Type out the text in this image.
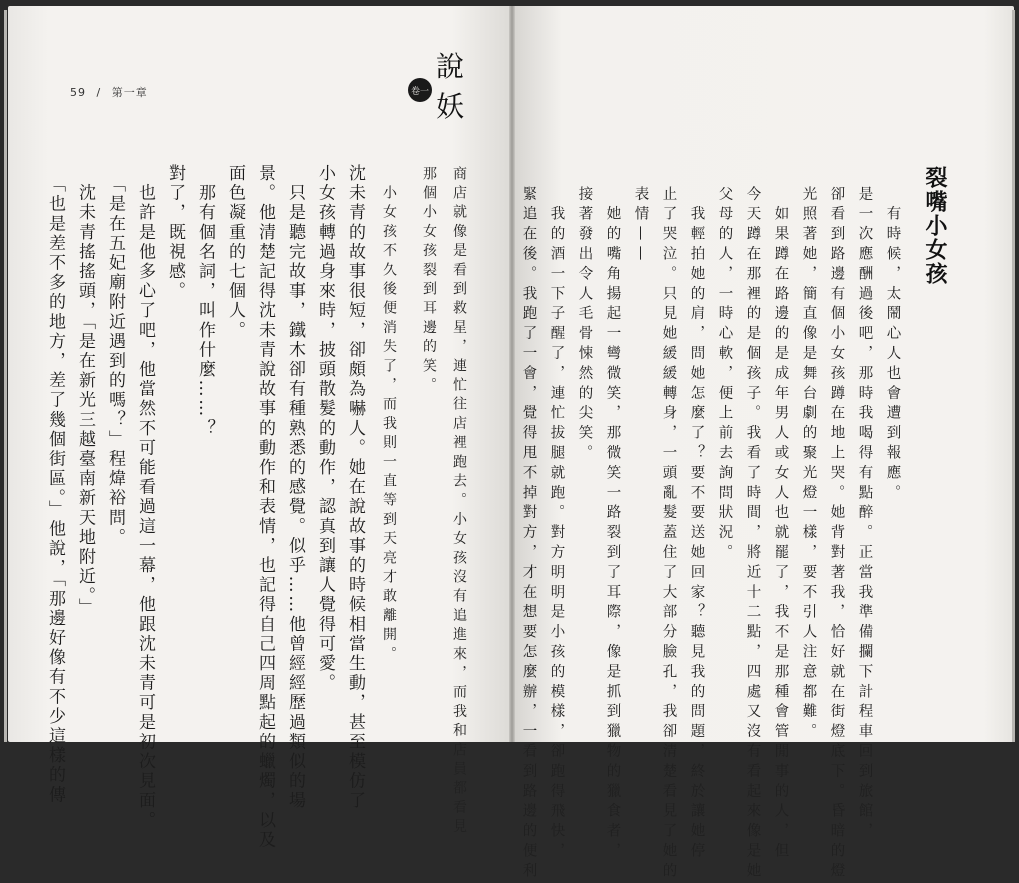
59 / 第一章
商店就像是看到救星，連忙往店裡跑去。小女孩沒有追進來，而我和店員都看見
那個小女孩裂到耳邊的笑。
　小女孩不久後便消失了，而我則一直等到天亮才敢離開。
沈未青的故事很短，卻頗為嚇人。她在說故事的時候相當生動，甚至模仿了
小女孩轉過身來時，披頭散髮的動作，認真到讓人覺得可愛。
　只是聽完故事，鐵木卻有種熟悉的感覺。似乎……他曾經經歷過類似的場
景。他清楚記得沈未青說故事的動作和表情，也記得自己四周點起的蠟燭，以及
面色凝重的七個人。
　那有個名詞，叫作什麼……？
對了，既視感。
　也許是他多心了吧，他當然不可能看過這一幕，他跟沈未青可是初次見面。
　「是在五妃廟附近遇到的嗎？」程煒裕問。
　沈未青搖搖頭，「是在新光三越臺南新天地附近。」
　「也是差不多的地方，差了幾個街區。」他說，「那邊好像有不少這樣的傳
卷一
說
妖
裂嘴小女孩
　有時候，太鬧心人也會遭到報應。
是一次應酬過後吧，那時我喝得有點醉。正當我準備攔下計程車回到旅館，
卻看到路邊有個小女孩蹲在地上哭。她背對著我，恰好就在街燈底下。昏暗的燈
光照著她，簡直像是舞台劇的聚光燈一樣，要不引人注意都難。
　如果蹲在路邊的是成年男人或女人也就罷了，我不是那種會管閒事的人，但
今天蹲在那裡的是個孩子。我看了時間，將近十二點，四處又沒有看起來像是她
父母的人，一時心軟，便上前去詢問狀況。
　我輕拍她的肩，問她怎麼了？要不要送她回家？聽見我的問題，終於讓她停
止了哭泣。只見她緩緩轉身，一頭亂髮蓋住了大部分臉孔，我卻清楚看見了她的
表情——
　她的嘴角揚起一彎微笑，那微笑一路裂到了耳際，像是抓到獵物的獵食者，
接著發出令人毛骨悚然的尖笑。
　我的酒一下子醒了，連忙拔腿就跑。對方明明是小孩的模樣，卻跑得飛快，
緊追在後。我跑了一會，覺得甩不掉對方，才在想要怎麼辦，一看到路邊的便利
